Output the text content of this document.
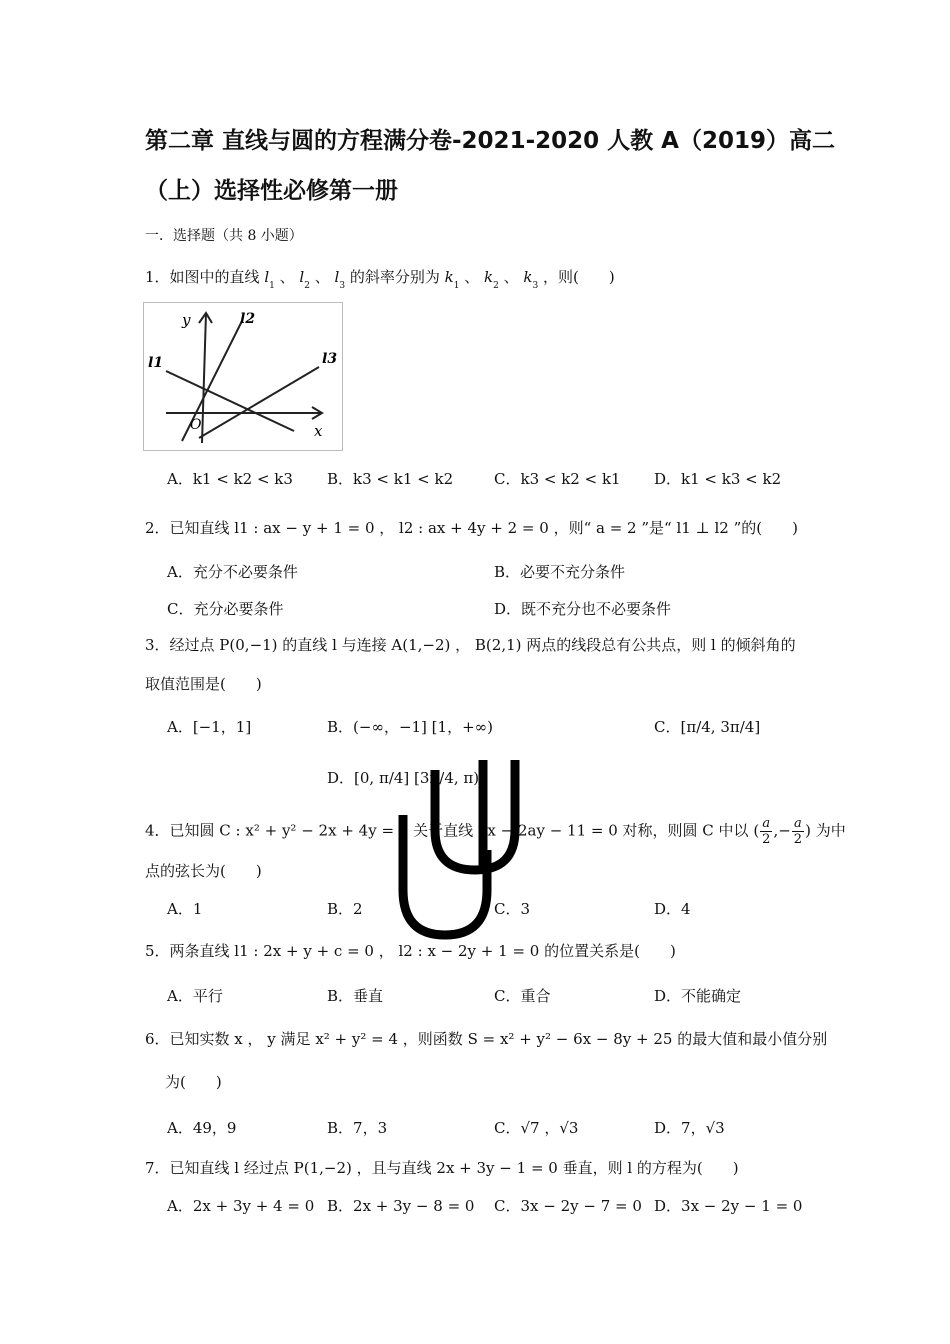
第二章 直线与圆的方程满分卷-2021-2020 人教 A（2019）高二
（上）选择性必修第一册
一．选择题（共 8 小题）
1．如图中的直线 $l_1$ 、 $l_2$ 、 $l_3$ 的斜率分别为 $k_1$ 、 $k_2$ 、 $k_3$ ，则(　　)
y
x
O
l1
l2
l3
A．k1 < k2 < k3 B．k3 < k1 < k2	C．k3 < k2 < k1 D．k1 < k3 < k2
2．已知直线 l1 : ax − y + 1 = 0 ， l2 : ax + 4y + 2 = 0 ，则“ a = 2 ”是“ l1 ⊥ l2 ”的(　　)
A．充分不必要条件	B．必要不充分条件
C．充分必要条件	D．既不充分也不必要条件
3．经过点 P(0,−1) 的直线 l 与连接 A(1,−2) ， B(2,1) 两点的线段总有公共点，则 l 的倾斜角的
取值范围是(　　)
A．[−1，1]	B．(−∞，−1] [1，+∞)	C．[π/4, 3π/4]
D．[0, π/4] [3π/4, π)
4．已知圆 C : x² + y² − 2x + 4y = 0 关于直线 3x − 2ay − 11 = 0 对称，则圆 C 中以 ( $\frac{a}{2}$ ,− $\frac{a}{2}$ ) 为中
点的弦长为(　　)
A．1	B．2	C．3	D．4
5．两条直线 l1 : 2x + y + c = 0 ， l2 : x − 2y + 1 = 0 的位置关系是(　　)
A．平行	B．垂直	C．重合	D．不能确定
6．已知实数 x ， y 满足 x² + y² = 4 ，则函数 S = x² + y² − 6x − 8y + 25 的最大值和最小值分别
为(　　)
A．49，9	B．7，3	C．√7 ，√3	D．7，√3
7．已知直线 l 经过点 P(1,−2) ，且与直线 2x + 3y − 1 = 0 垂直，则 l 的方程为(　　)
A．2x + 3y + 4 = 0 B．2x + 3y − 8 = 0 C．3x − 2y − 7 = 0 D．3x − 2y − 1 = 0
